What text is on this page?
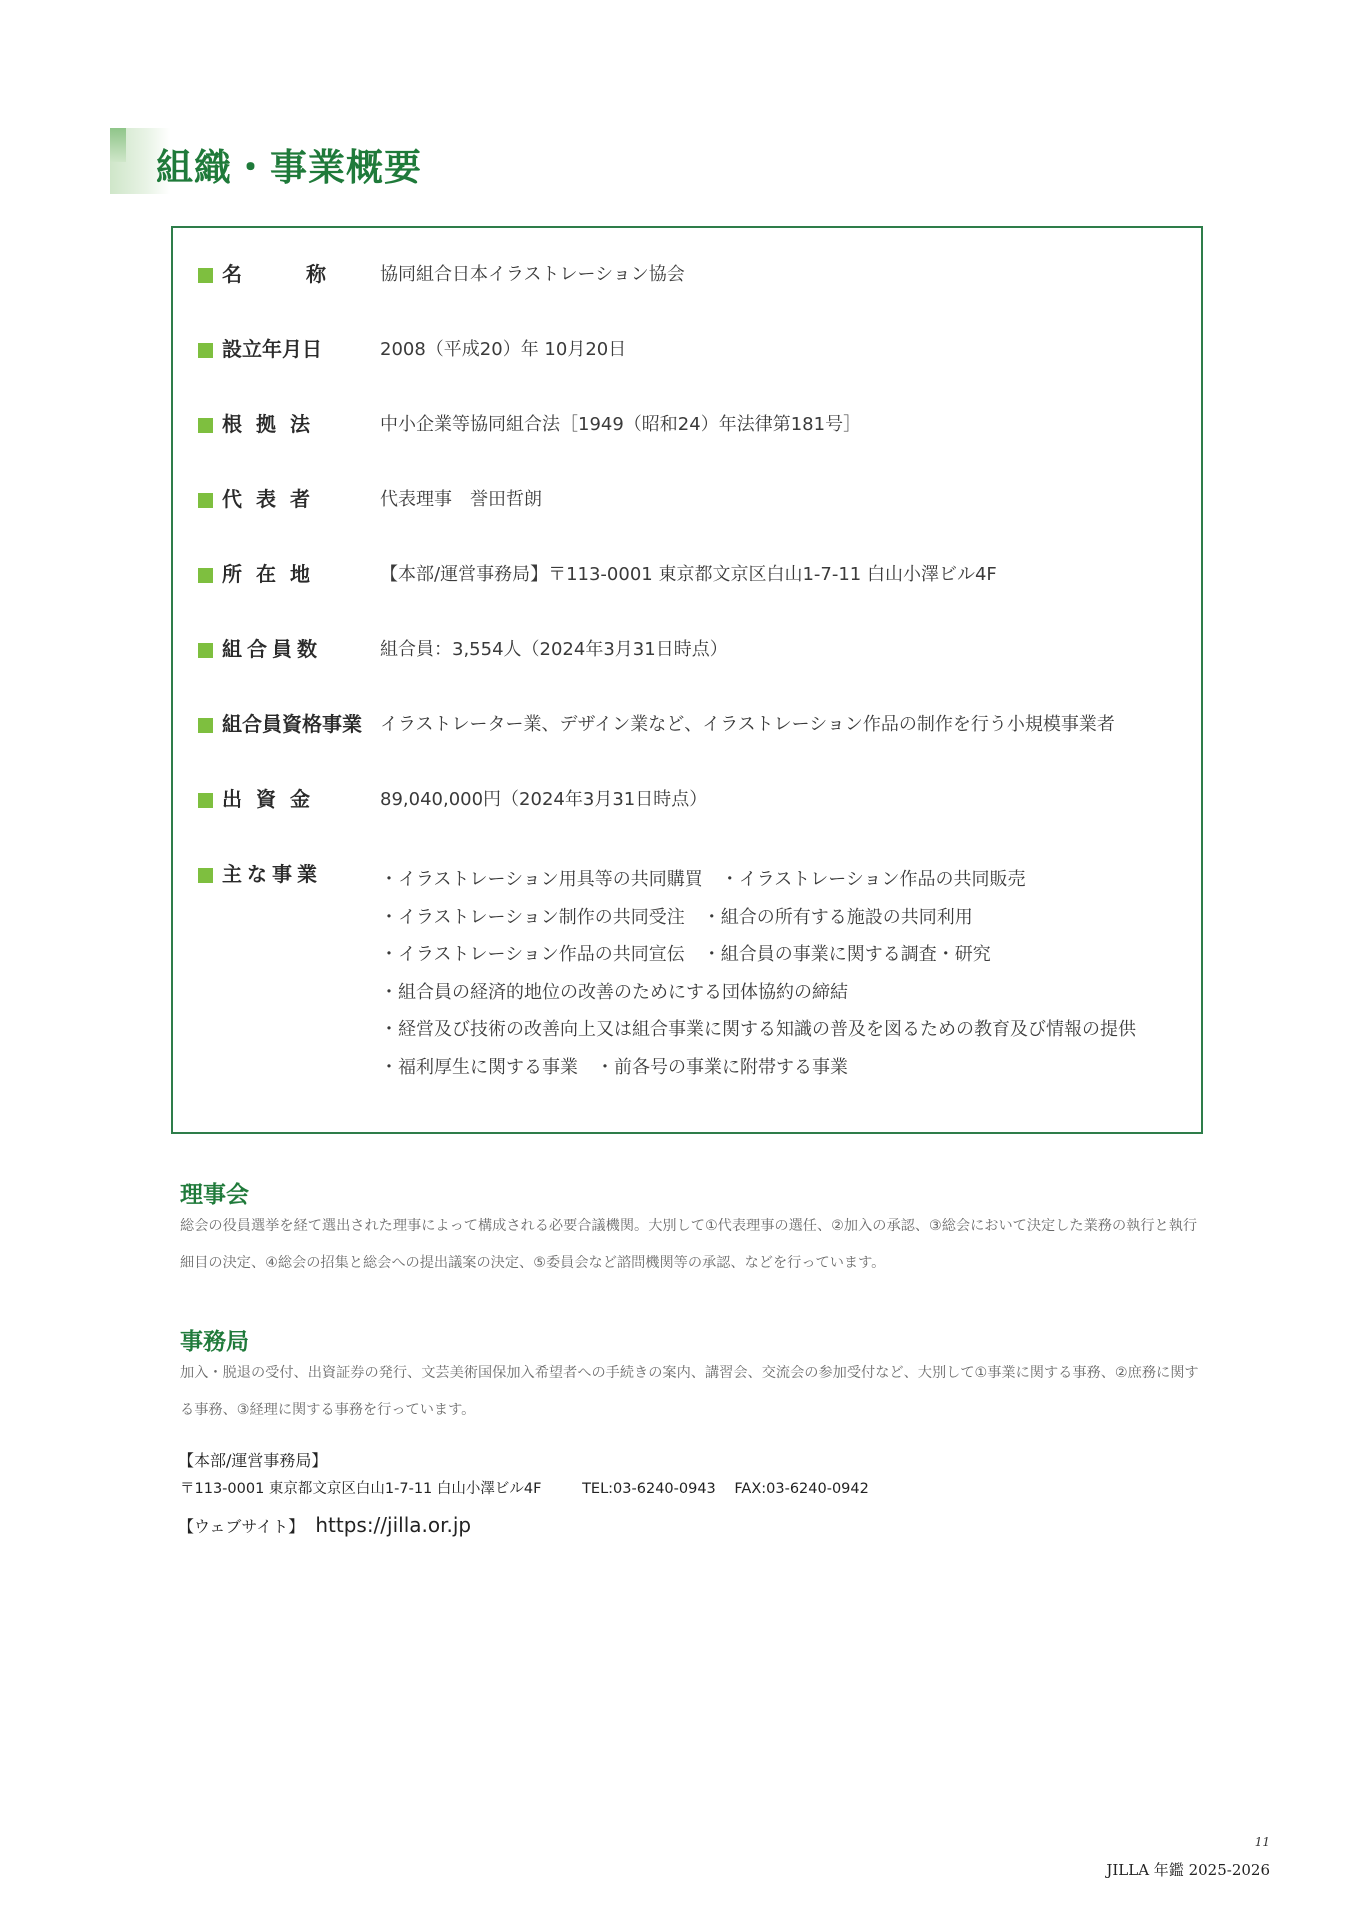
組織・事業概要
名	称	協同組合日本イラストレーション協会
設立年月日	2008（平成20）年 10月20日
根拠法	中小企業等協同組合法［1949（昭和24）年法律第181号］
代表者	代表理事　誉田哲朗
所在地	【本部/運営事務局】〒113-0001 東京都文京区白山1-7-11 白山小澤ビル4F
組合員数	組合員：3,554人（2024年3月31日時点）
組合員資格事業	イラストレーター業、デザイン業など、イラストレーション作品の制作を行う小規模事業者
出資金	89,040,000円（2024年3月31日時点）
主な事業	・イラストレーション用具等の共同購買　・イラストレーション作品の共同販売
・イラストレーション制作の共同受注　・組合の所有する施設の共同利用
・イラストレーション作品の共同宣伝　・組合員の事業に関する調査・研究
・組合員の経済的地位の改善のためにする団体協約の締結
・経営及び技術の改善向上又は組合事業に関する知識の普及を図るための教育及び情報の提供
・福利厚生に関する事業　・前各号の事業に附帯する事業
理事会

総会の役員選挙を経て選出された理事によって構成される必要合議機関。大別して①代表理事の選任、②加入の承認、③総会において決定した業務の執行と執行細目の決定、④総会の招集と総会への提出議案の決定、⑤委員会など諮問機関等の承認、などを行っています。

事務局

加入・脱退の受付、出資証券の発行、文芸美術国保加入希望者への手続きの案内、講習会、交流会の参加受付など、大別して①事業に関する事務、②庶務に関する事務、③経理に関する事務を行っています。

【本部/運営事務局】
〒113-0001 東京都文京区白山1-7-11 白山小澤ビル4F	TEL:03-6240-0943 FAX:03-6240-0942
【ウェブサイト】 https://jilla.or.jp
11
JILLA 年鑑 2025-2026
